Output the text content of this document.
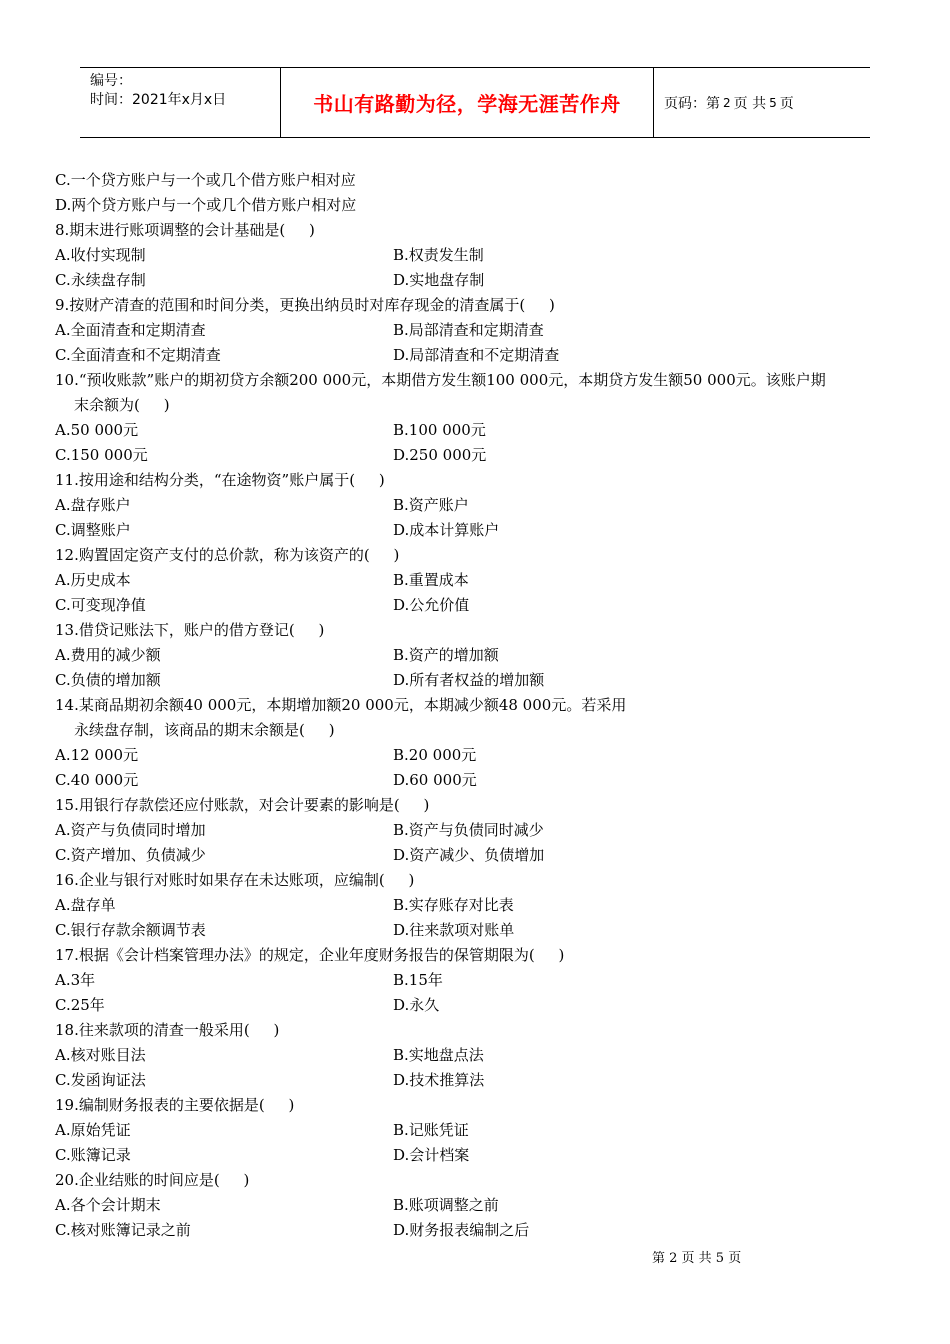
编号：
时间：2021年x月x日	书山有路勤为径，学海无涯苦作舟	页码：第 2 页 共 5 页
C.一个贷方账户与一个或几个借方账户相对应
D.两个贷方账户与一个或几个借方账户相对应
8.期末进行账项调整的会计基础是(     )
A.收付实现制	B.权责发生制
C.永续盘存制	D.实地盘存制
9.按财产清查的范围和时间分类，更换出纳员时对库存现金的清查属于(     )
A.全面清查和定期清查	B.局部清查和定期清查
C.全面清查和不定期清查	D.局部清查和不定期清查
10.“预收账款”账户的期初贷方余额200 000元，本期借方发生额100 000元，本期贷方发生额50 000元。该账户期
末余额为(     )
A.50 000元	B.100 000元
C.150 000元	D.250 000元
11.按用途和结构分类，“在途物资”账户属于(     )
A.盘存账户	B.资产账户
C.调整账户	D.成本计算账户
12.购置固定资产支付的总价款，称为该资产的(     )
A.历史成本	B.重置成本
C.可变现净值	D.公允价值
13.借贷记账法下，账户的借方登记(     )
A.费用的减少额	B.资产的增加额
C.负债的增加额	D.所有者权益的增加额
14.某商品期初余额40 000元，本期增加额20 000元，本期减少额48 000元。若采用
永续盘存制，该商品的期末余额是(     )
A.12 000元	B.20 000元
C.40 000元	D.60 000元
15.用银行存款偿还应付账款，对会计要素的影响是(     )
A.资产与负债同时增加	B.资产与负债同时减少
C.资产增加、负债减少	D.资产减少、负债增加
16.企业与银行对账时如果存在未达账项，应编制(     )
A.盘存单	B.实存账存对比表
C.银行存款余额调节表	D.往来款项对账单
17.根据《会计档案管理办法》的规定，企业年度财务报告的保管期限为(     )
A.3年	B.15年
C.25年	D.永久
18.往来款项的清查一般采用(     )
A.核对账目法	B.实地盘点法
C.发函询证法	D.技术推算法
19.编制财务报表的主要依据是(     )
A.原始凭证	B.记账凭证
C.账簿记录	D.会计档案
20.企业结账的时间应是(     )
A.各个会计期末	B.账项调整之前
C.核对账簿记录之前	D.财务报表编制之后
第 2 页 共 5 页
